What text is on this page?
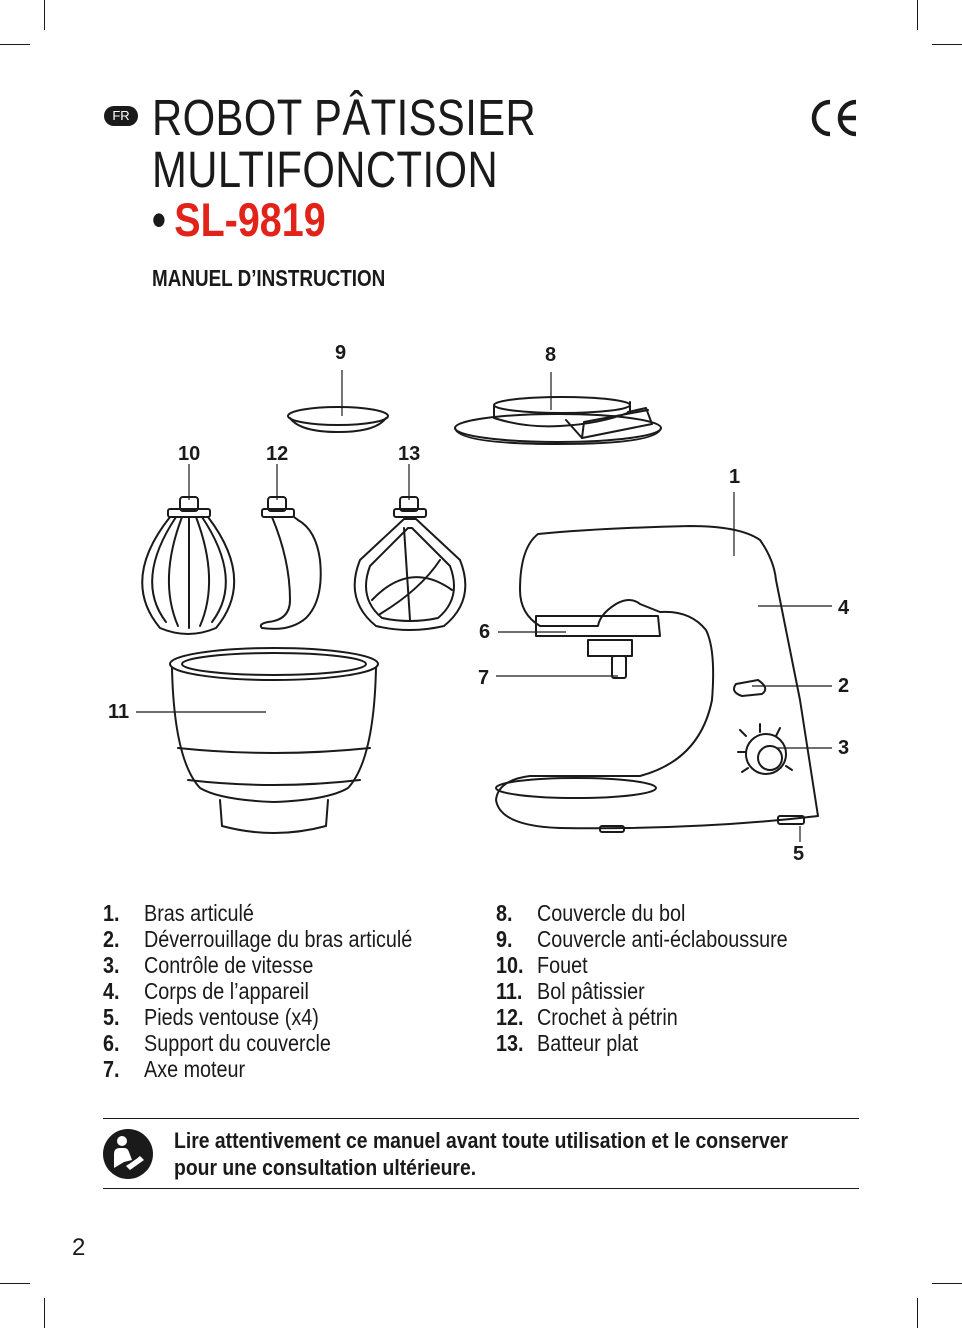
FR ROBOT PÂTISSIER
MULTIFONCTION
• SL-9819
MANUEL D’INSTRUCTION
9	8
10	12	13
1
4
6
7	2
11
3
5
1.	Bras articulé
2.	Déverrouillage du bras articulé
3.	Contrôle de vitesse
4.	Corps de l’appareil
5.	Pieds ventouse (x4)
6.	Support du couvercle
7.	Axe moteur
8.	Couvercle du bol
9.	Couvercle anti-éclaboussure
10. Fouet
11. Bol pâtissier
12. Crochet à pétrin
13. Batteur plat
Lire attentivement ce manuel avant toute utilisation et le conserver
pour une consultation ultérieure.
2
